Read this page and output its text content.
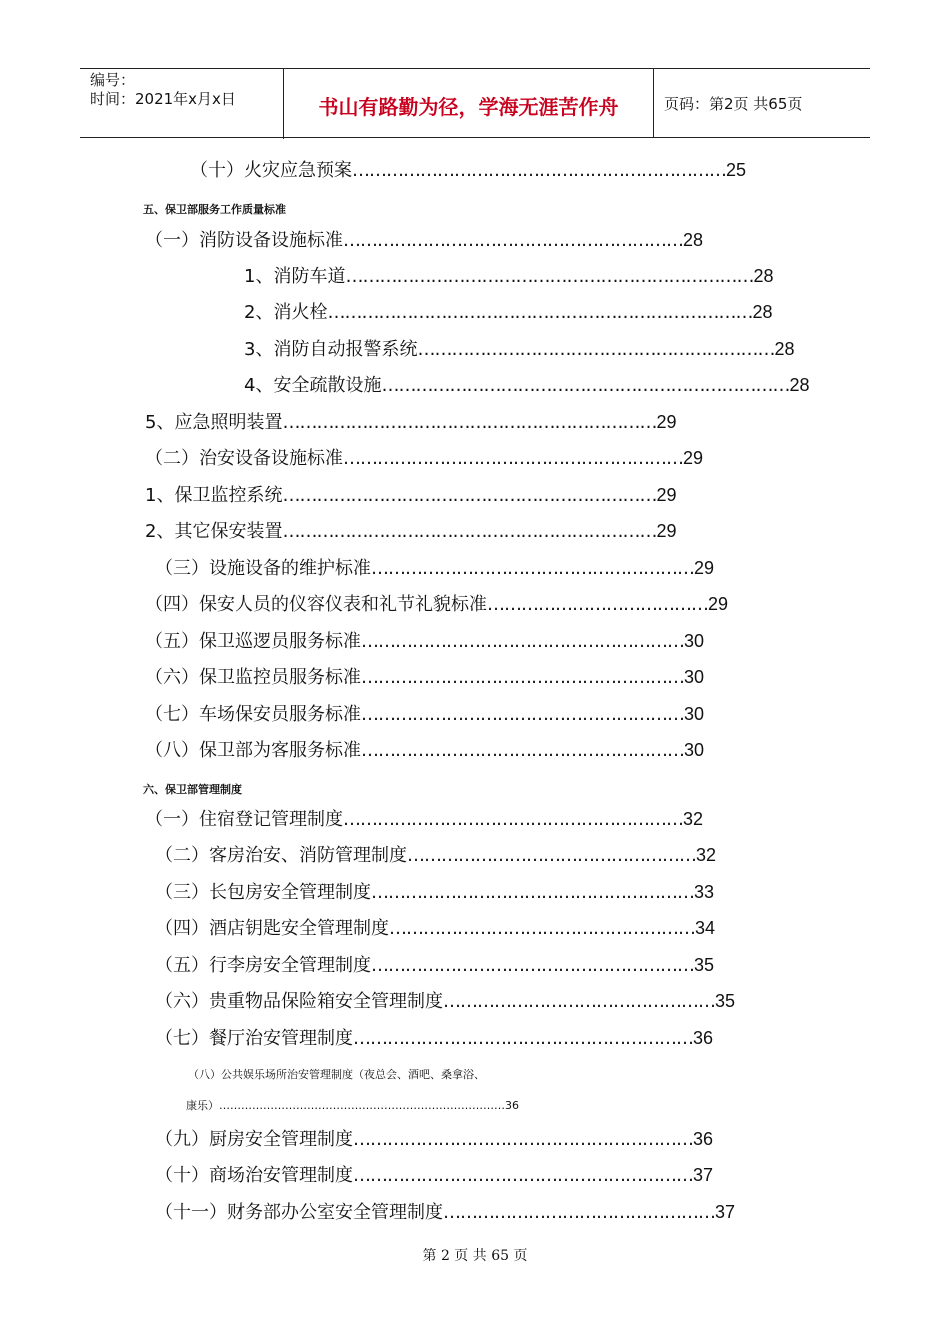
编号：
时间：2021年x月x日	书山有路勤为径，学海无涯苦作舟	页码：第2页 共65页
（十）火灾应急预案…………………………………………………………25
五、保卫部服务工作质量标准
（一）消防设备设施标准……………………………………………………28
1、消防车道………………………………………………………………28
2、消火栓…………………………………………………………………28
3、消防自动报警系统………………………………………………………28
4、安全疏散设施………………………………………………………………28
5、应急照明装置…………………………………………………………29
（二）治安设备设施标准……………………………………………………29
1、保卫监控系统…………………………………………………………29
2、其它保安装置…………………………………………………………29
（三）设施设备的维护标准…………………………………………………29
（四）保安人员的仪容仪表和礼节礼貌标准…………………………………29
（五）保卫巡逻员服务标准…………………………………………………30
（六）保卫监控员服务标准…………………………………………………30
（七）车场保安员服务标准…………………………………………………30
（八）保卫部为客服务标准…………………………………………………30
六、保卫部管理制度
（一）住宿登记管理制度……………………………………………………32
（二）客房治安、消防管理制度……………………………………………32
（三）长包房安全管理制度…………………………………………………33
（四）酒店钥匙安全管理制度………………………………………………34
（五）行李房安全管理制度…………………………………………………35
（六）贵重物品保险箱安全管理制度…………………………………………35
（七）餐厅治安管理制度……………………………………………………36
（八）公共娱乐场所治安管理制度（夜总会、酒吧、桑拿浴、
康乐）……………………………………………………………………36
（九）厨房安全管理制度……………………………………………………36
（十）商场治安管理制度……………………………………………………37
（十一）财务部办公室安全管理制度…………………………………………37
第 2 页 共 65 页
